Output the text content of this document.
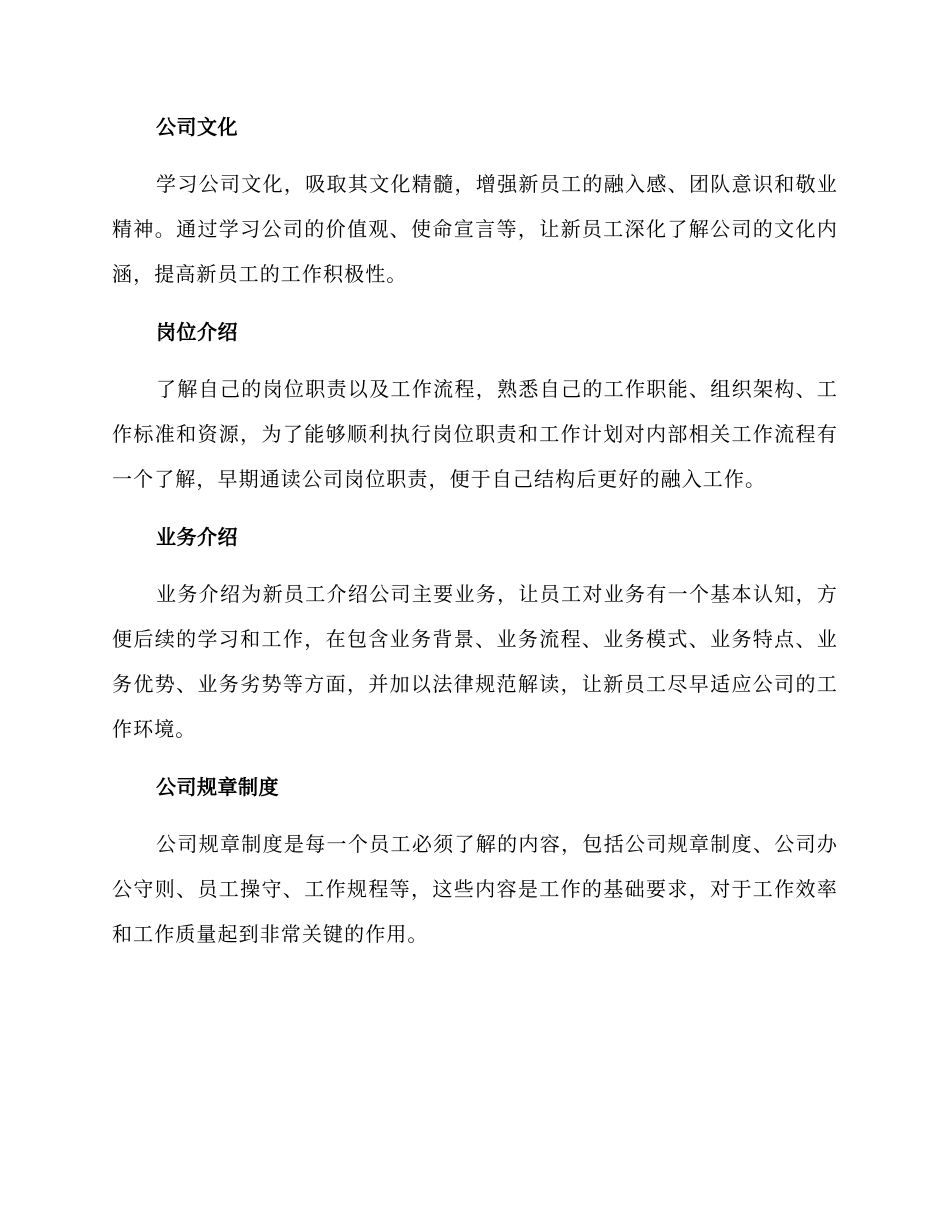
公司文化

学习公司文化，吸取其文化精髓，增强新员工的融入感、团队意识和敬业精神。通过学习公司的价值观、使命宣言等，让新员工深化了解公司的文化内涵，提高新员工的工作积极性。

岗位介绍

了解自己的岗位职责以及工作流程，熟悉自己的工作职能、组织架构、工作标准和资源，为了能够顺利执行岗位职责和工作计划对内部相关工作流程有一个了解，早期通读公司岗位职责，便于自己结构后更好的融入工作。

业务介绍

业务介绍为新员工介绍公司主要业务，让员工对业务有一个基本认知，方便后续的学习和工作，在包含业务背景、业务流程、业务模式、业务特点、业务优势、业务劣势等方面，并加以法律规范解读，让新员工尽早适应公司的工作环境。

公司规章制度

公司规章制度是每一个员工必须了解的内容，包括公司规章制度、公司办公守则、员工操守、工作规程等，这些内容是工作的基础要求，对于工作效率和工作质量起到非常关键的作用。
